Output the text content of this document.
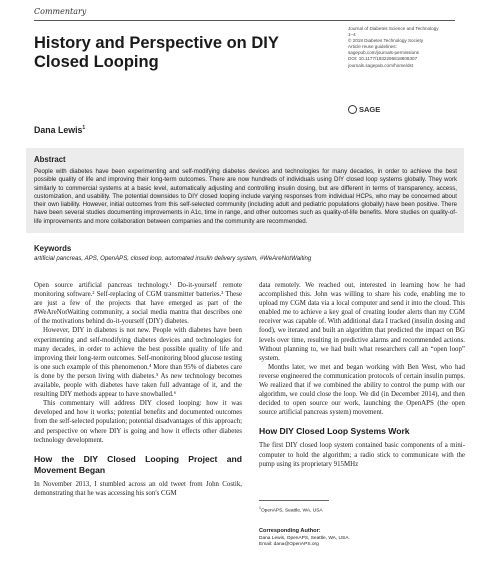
Commentary
History and Perspective on DIY Closed Looping
Journal of Diabetes Science and Technology
1–4
© 2018 Diabetes Technology Society
Article reuse guidelines:
sagepub.com/journals-permissions
DOI: 10.1177/1932296818808307
journals.sagepub.com/home/dst
SAGE
Dana Lewis$^1$
Abstract
People with diabetes have been experimenting and self-modifying diabetes devices and technologies for many decades, in order to achieve the best possible quality of life and improving their long-term outcomes. There are now hundreds of individuals using DIY closed loop systems globally. They work similarly to commercial systems at a basic level, automatically adjusting and controlling insulin dosing, but are different in terms of transparency, access, customization, and usability. The potential downsides to DIY closed looping include varying responses from individual HCPs, who may be concerned about their own liability. However, initial outcomes from this self-selected community (including adult and pediatric populations globally) have been positive. There have been several studies documenting improvements in A1c, time in range, and other outcomes such as quality-of-life benefits. More studies on quality-of-life improvements and more collaboration between companies and the community are recommended.
Keywords
artificial pancreas, APS, OpenAPS, closed loop, automated insulin delivery system, #WeAreNotWaiting

Open source artificial pancreas technology.¹ Do-it-yourself remote monitoring software.² Self-replacing of CGM transmitter batteries.³ These are just a few of the projects that have emerged as part of the #WeAreNotWaiting community, a social media mantra that describes one of the motivations behind do-it-yourself (DIY) diabetes.

However, DIY in diabetes is not new. People with diabetes have been experimenting and self-modifying diabetes devices and technologies for many decades, in order to achieve the best possible quality of life and improving their long-term outcomes. Self-monitoring blood glucose testing is one such example of this phenomenon.⁴ More than 95% of diabetes care is done by the person living with diabetes.⁵ As new technology becomes available, people with diabetes have taken full advantage of it, and the resulting DIY methods appear to have snowballed.⁶

This commentary will address DIY closed looping: how it was developed and how it works; potential benefits and documented outcomes from the self-selected population; potential disadvantages of this approach; and perspective on where DIY is going and how it effects other diabetes technology development.

How the DIY Closed Looping Project and Movement Began

In November 2013, I stumbled across an old tweet from John Costik, demonstrating that he was accessing his son's CGM

data remotely. We reached out, interested in learning how he had accomplished this. John was willing to share his code, enabling me to upload my CGM data via a local computer and send it into the cloud. This enabled me to achieve a key goal of creating louder alerts than my CGM receiver was capable of. With additional data I tracked (insulin dosing and food), we iterated and built an algorithm that predicted the impact on BG levels over time, resulting in predictive alarms and recommended actions. Without planning to, we had built what researchers call an “open loop” system.

Months later, we met and began working with Ben West, who had reverse engineered the communication protocols of certain insulin pumps. We realized that if we combined the ability to control the pump with our algorithm, we could close the loop. We did (in December 2014), and then decided to open source our work, launching the OpenAPS (the open source artificial pancreas system) movement.

How DIY Closed Loop Systems Work

The first DIY closed loop system contained basic components of a mini-computer to hold the algorithm; a radio stick to communicate with the pump using its proprietary 915MHz

$^1$OpenAPS, Seattle, WA, USA
Corresponding Author:
Dana Lewis, OpenAPS, Seattle, WA, USA.
Email: dana@OpenAPS.org
